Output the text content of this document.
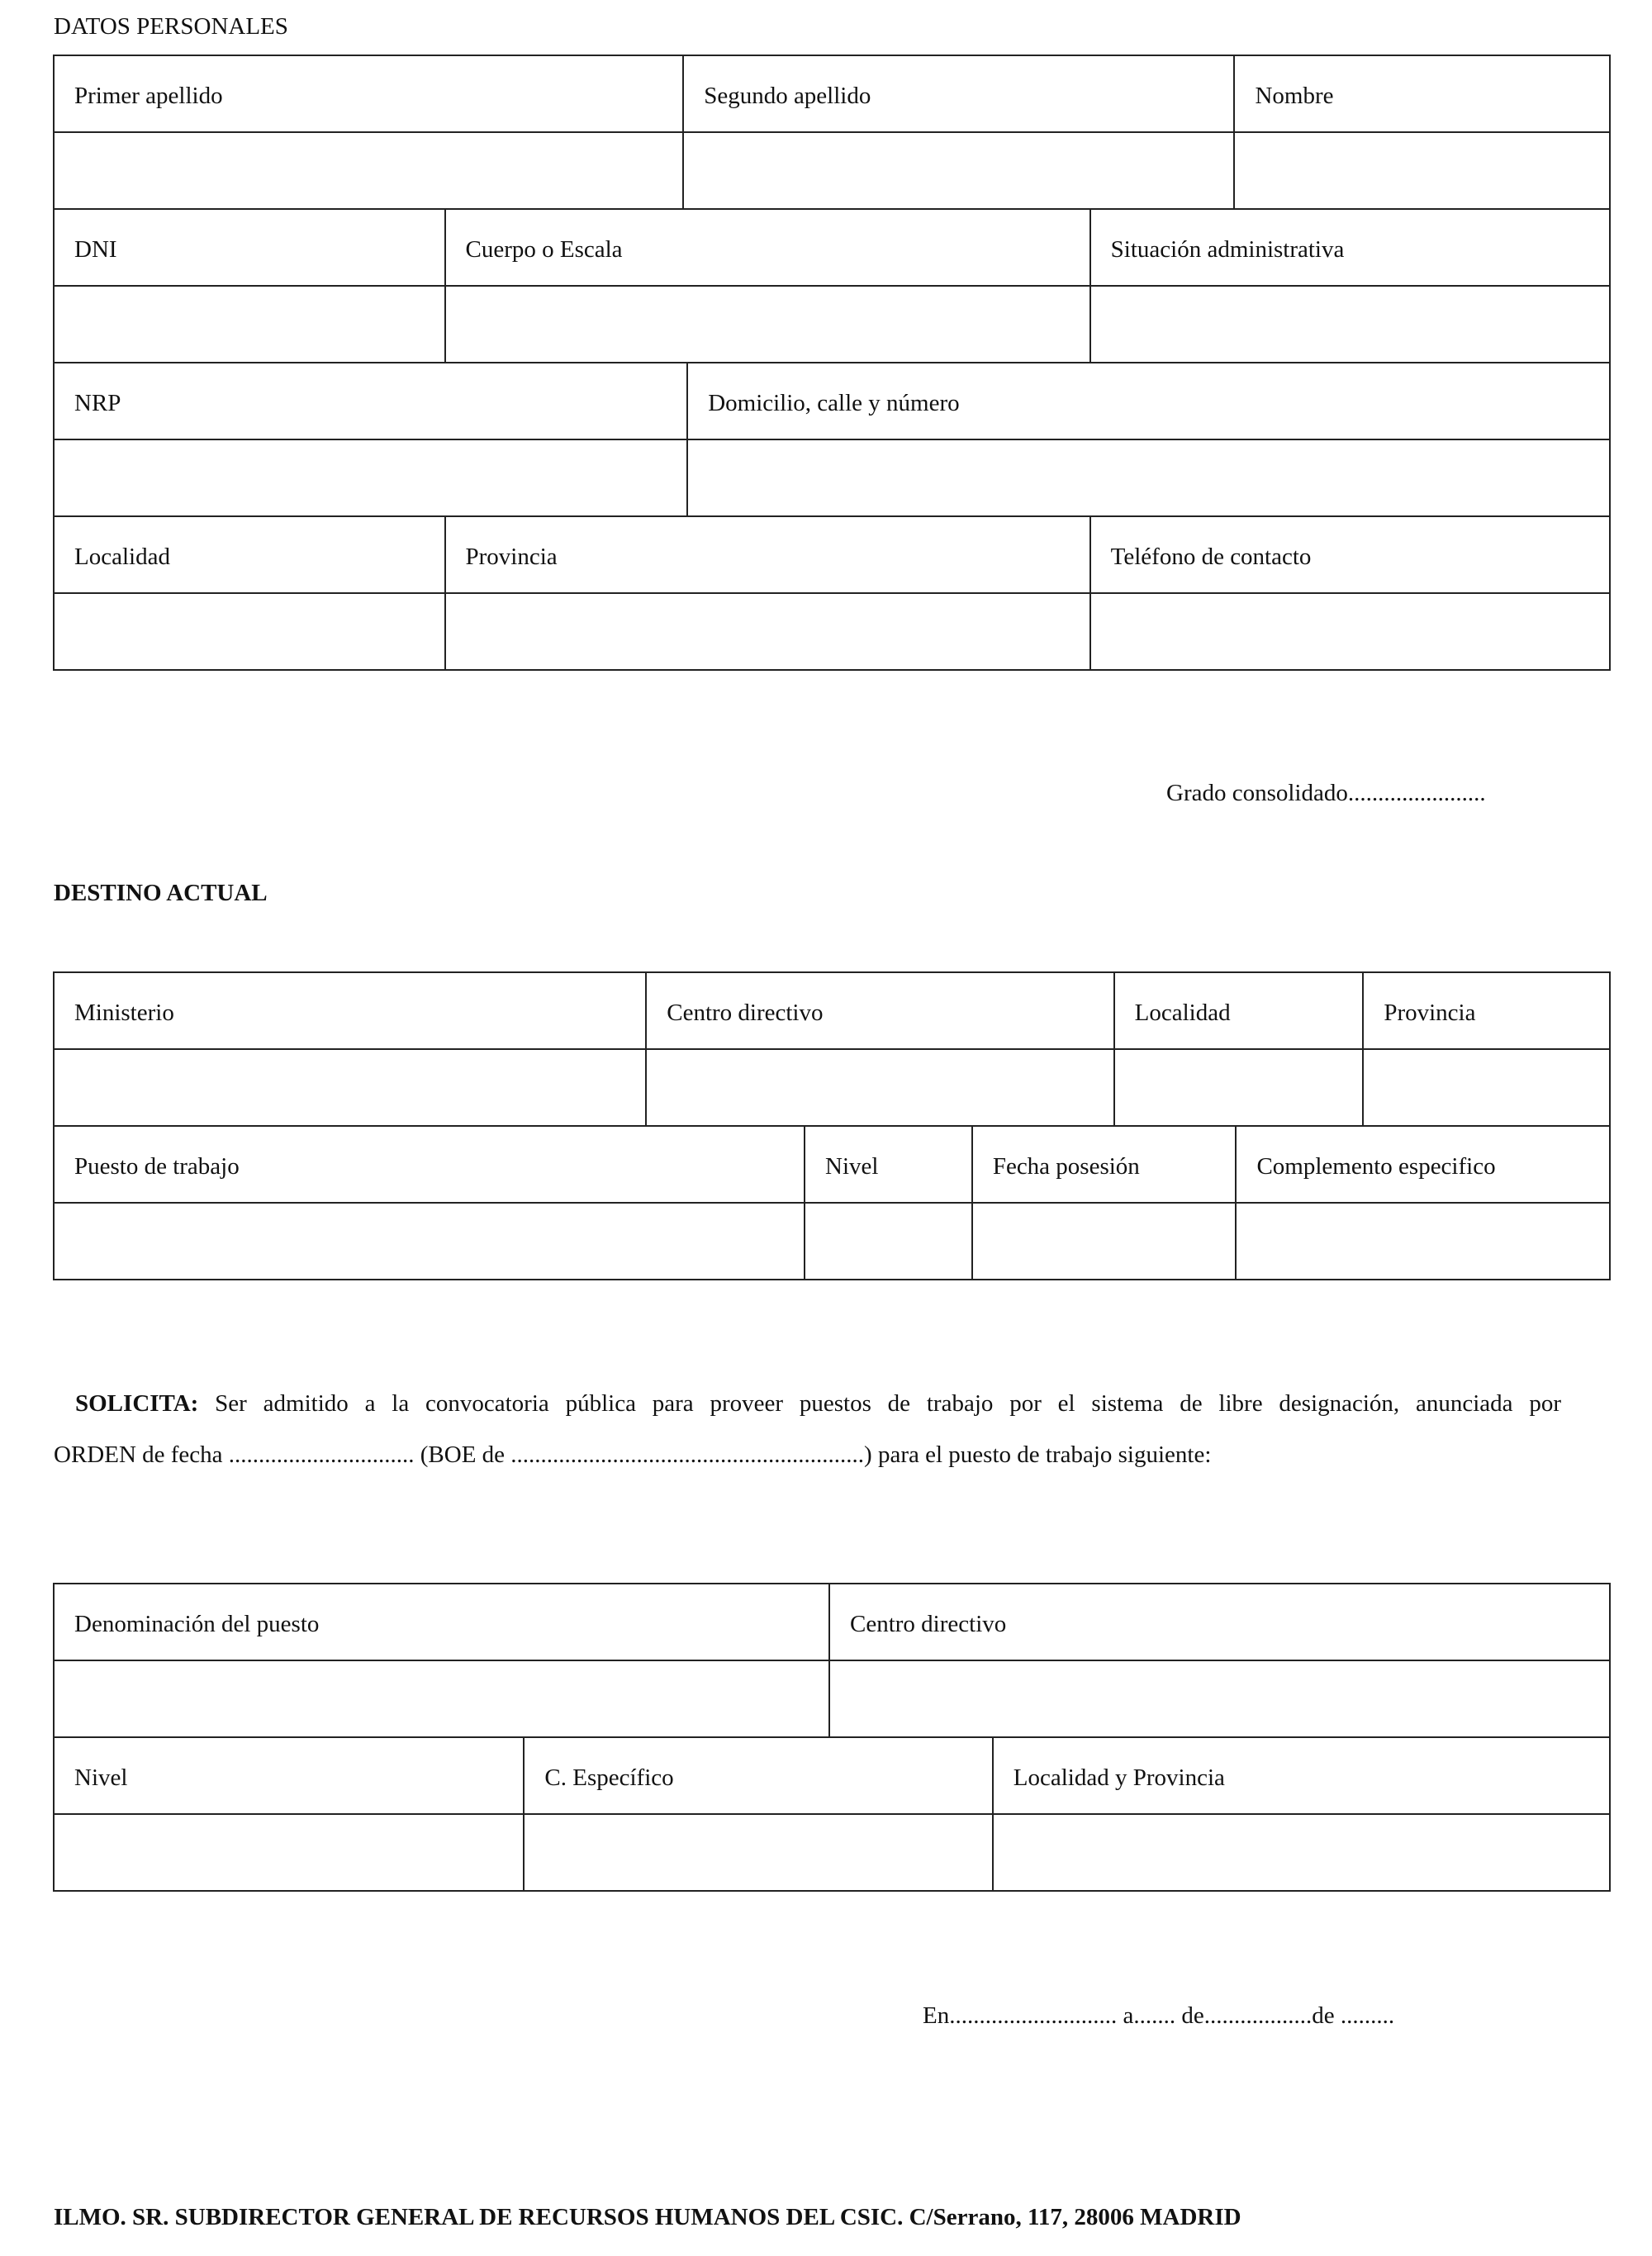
DATOS PERSONALES
Primer apellido	Segundo apellido	Nombre
DNI	Cuerpo o Escala	Situación administrativa
NRP	Domicilio, calle y número
Localidad	Provincia	Teléfono de contacto
Grado consolidado.......................
DESTINO ACTUAL
Ministerio	Centro directivo	Localidad	Provincia
Puesto de trabajo	Nivel	Fecha posesión	Complemento especifico
SOLICITA: Ser admitido a la convocatoria pública para proveer puestos de trabajo por el sistema de libre designación, anunciada por
ORDEN de fecha ............................... (BOE de ...........................................................) para el puesto de trabajo siguiente:
Denominación del puesto	Centro directivo
Nivel	C. Específico	Localidad y Provincia
En............................ a....... de..................de .........
ILMO. SR. SUBDIRECTOR GENERAL DE RECURSOS HUMANOS DEL CSIC. C/Serrano, 117, 28006 MADRID
